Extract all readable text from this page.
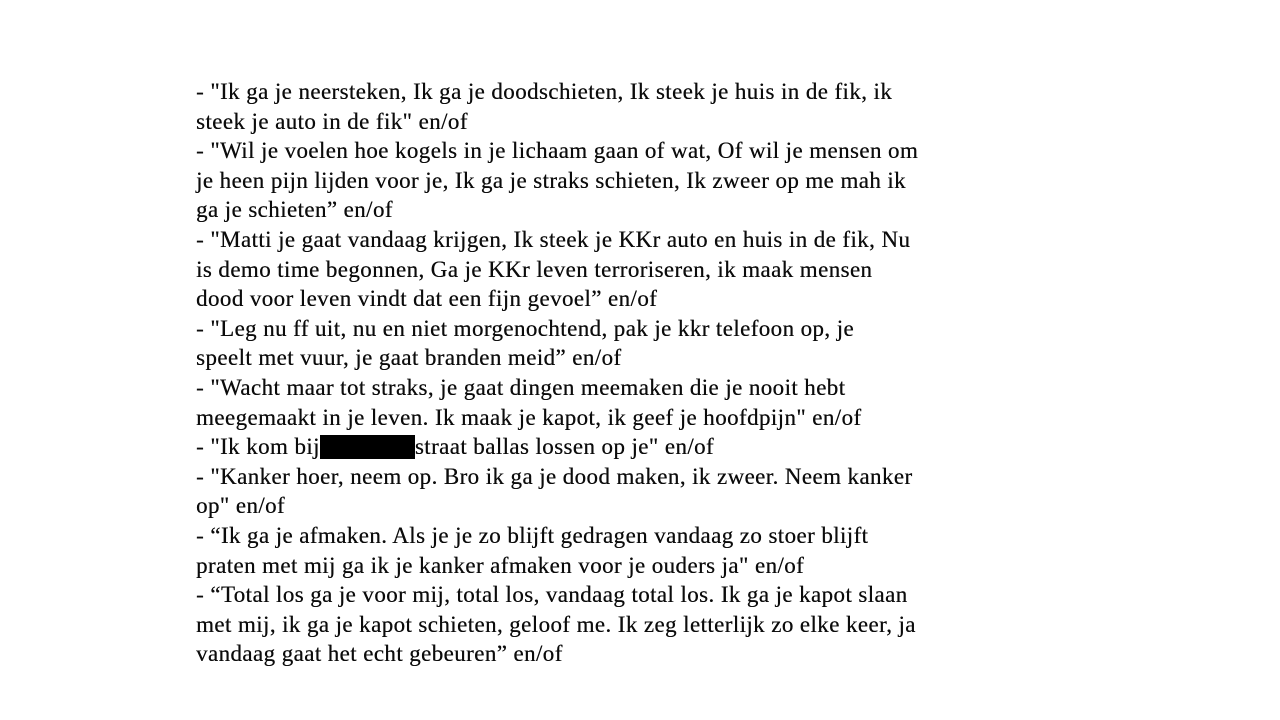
- "Ik ga je neersteken, Ik ga je doodschieten, Ik steek je huis in de fik, ik
steek je auto in de fik" en/of
- "Wil je voelen hoe kogels in je lichaam gaan of wat, Of wil je mensen om
je heen pijn lijden voor je, Ik ga je straks schieten, Ik zweer op me mah ik
ga je schieten” en/of
- "Matti je gaat vandaag krijgen, Ik steek je KKr auto en huis in de fik, Nu
is demo time begonnen, Ga je KKr leven terroriseren, ik maak mensen
dood voor leven vindt dat een fijn gevoel” en/of
- "Leg nu ff uit, nu en niet morgenochtend, pak je kkr telefoon op, je
speelt met vuur, je gaat branden meid” en/of
- "Wacht maar tot straks, je gaat dingen meemaken die je nooit hebt
meegemaakt in je leven. Ik maak je kapot, ik geef je hoofdpijn" en/of
- "Ik kom bij	straat ballas lossen op je" en/of
- "Kanker hoer, neem op. Bro ik ga je dood maken, ik zweer. Neem kanker
op" en/of
- “Ik ga je afmaken. Als je je zo blijft gedragen vandaag zo stoer blijft
praten met mij ga ik je kanker afmaken voor je ouders ja" en/of
- “Total los ga je voor mij, total los, vandaag total los. Ik ga je kapot slaan
met mij, ik ga je kapot schieten, geloof me. Ik zeg letterlijk zo elke keer, ja
vandaag gaat het echt gebeuren” en/of
